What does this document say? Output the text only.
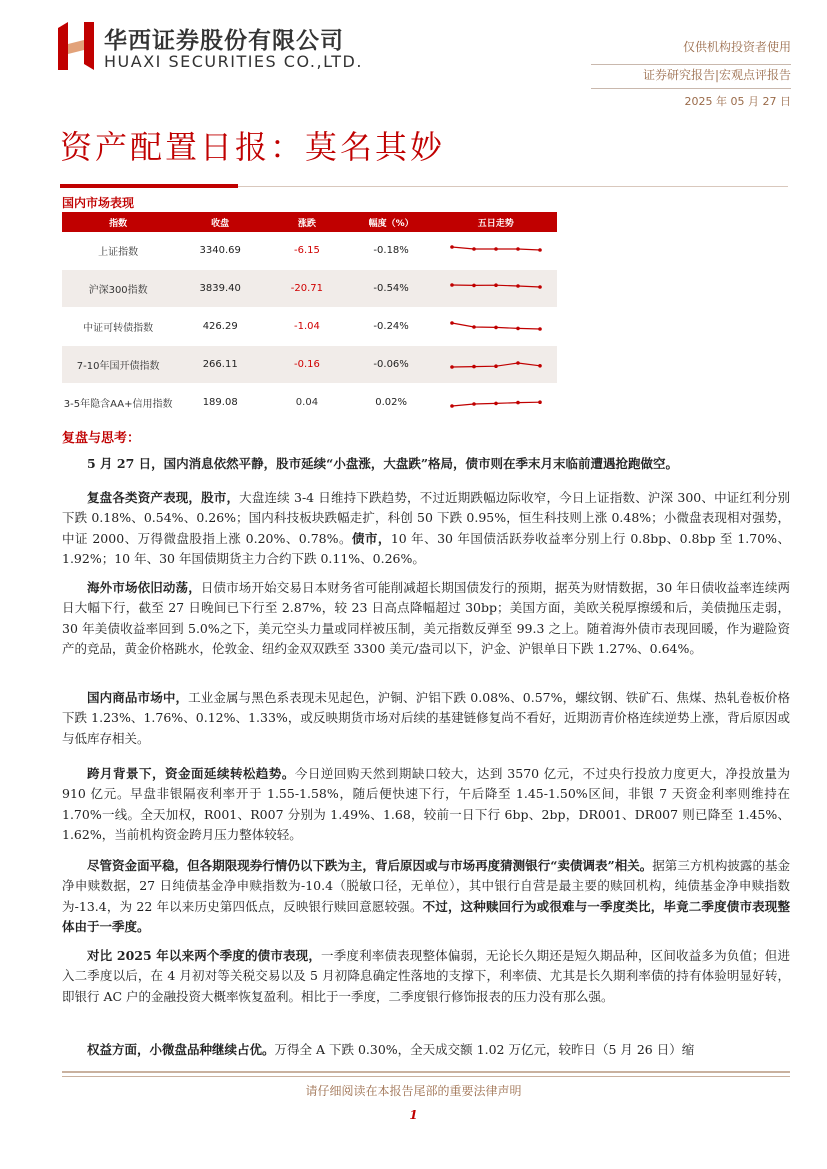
华西证券股份有限公司
HUAXI SECURITIES CO.,LTD.
仅供机构投资者使用
证券研究报告|宏观点评报告
2025 年 05 月 27 日
资产配置日报：莫名其妙
国内市场表现
指数	收盘	涨跌	幅度（%）	五日走势
上证指数	3340.69	-6.15	-0.18%	

沪深300指数	3839.40	-20.71	-0.54%	

中证可转债指数	426.29	-1.04	-0.24%	

7-10年国开债指数	266.11	-0.16	-0.06%	

3-5年隐含AA+信用指数	189.08	0.04	0.02%	
复盘与思考：
5 月 27 日，国内消息依然平静，股市延续“小盘涨，大盘跌”格局，债市则在季末月末临前遭遇抢跑做空。
复盘各类资产表现，股市，大盘连续 3-4 日维持下跌趋势，不过近期跌幅边际收窄，今日上证指数、沪深 300、中证红利分别下跌 0.18%、0.54%、0.26%；国内科技板块跌幅走扩，科创 50 下跌 0.95%，恒生科技则上涨 0.48%；小微盘表现相对强势，中证 2000、万得微盘股指上涨 0.20%、0.78%。债市，10 年、30 年国债活跃券收益率分别上行 0.8bp、0.8bp 至 1.70%、1.92%；10 年、30 年国债期货主力合约下跌 0.11%、0.26%。
海外市场依旧动荡，日债市场开始交易日本财务省可能削减超长期国债发行的预期，据英为财情数据，30 年日债收益率连续两日大幅下行，截至 27 日晚间已下行至 2.87%，较 23 日高点降幅超过 30bp；美国方面，美欧关税厚擦缓和后，美债抛压走弱，30 年美债收益率回到 5.0%之下，美元空头力量或同样被压制，美元指数反弹至 99.3 之上。随着海外债市表现回暖，作为避险资产的竞品，黄金价格跳水，伦敦金、纽约金双双跌至 3300 美元/盎司以下，沪金、沪银单日下跌 1.27%、0.64%。
国内商品市场中，工业金属与黑色系表现未见起色，沪铜、沪铝下跌 0.08%、0.57%，螺纹钢、铁矿石、焦煤、热轧卷板价格下跌 1.23%、1.76%、0.12%、1.33%，或反映期货市场对后续的基建链修复尚不看好，近期沥青价格连续逆势上涨，背后原因或与低库存相关。
跨月背景下，资金面延续转松趋势。今日逆回购天然到期缺口较大，达到 3570 亿元，不过央行投放力度更大，净投放量为 910 亿元。早盘非银隔夜利率开于 1.55-1.58%，随后便快速下行，午后降至 1.45-1.50%区间，非银 7 天资金利率则维持在 1.70%一线。全天加权，R001、R007 分别为 1.49%、1.68，较前一日下行 6bp、2bp，DR001、DR007 则已降至 1.45%、1.62%，当前机构资金跨月压力整体较轻。
尽管资金面平稳，但各期限现券行情仍以下跌为主，背后原因或与市场再度猜测银行“卖债调表”相关。据第三方机构披露的基金净申赎数据，27 日纯债基金净申赎指数为-10.4（脱敏口径，无单位），其中银行自营是最主要的赎回机构，纯债基金净申赎指数为-13.4，为 22 年以来历史第四低点，反映银行赎回意愿较强。不过，这种赎回行为或很难与一季度类比，毕竟二季度债市表现整体由于一季度。
对比 2025 年以来两个季度的债市表现，一季度利率债表现整体偏弱，无论长久期还是短久期品种，区间收益多为负值；但进入二季度以后，在 4 月初对等关税交易以及 5 月初降息确定性落地的支撑下，利率债、尤其是长久期利率债的持有体验明显好转，即银行 AC 户的金融投资大概率恢复盈利。相比于一季度，二季度银行修饰报表的压力没有那么强。
权益方面，小微盘品种继续占优。万得全 A 下跌 0.30%，全天成交额 1.02 万亿元，较昨日（5 月 26 日）缩
请仔细阅读在本报告尾部的重要法律声明
1
